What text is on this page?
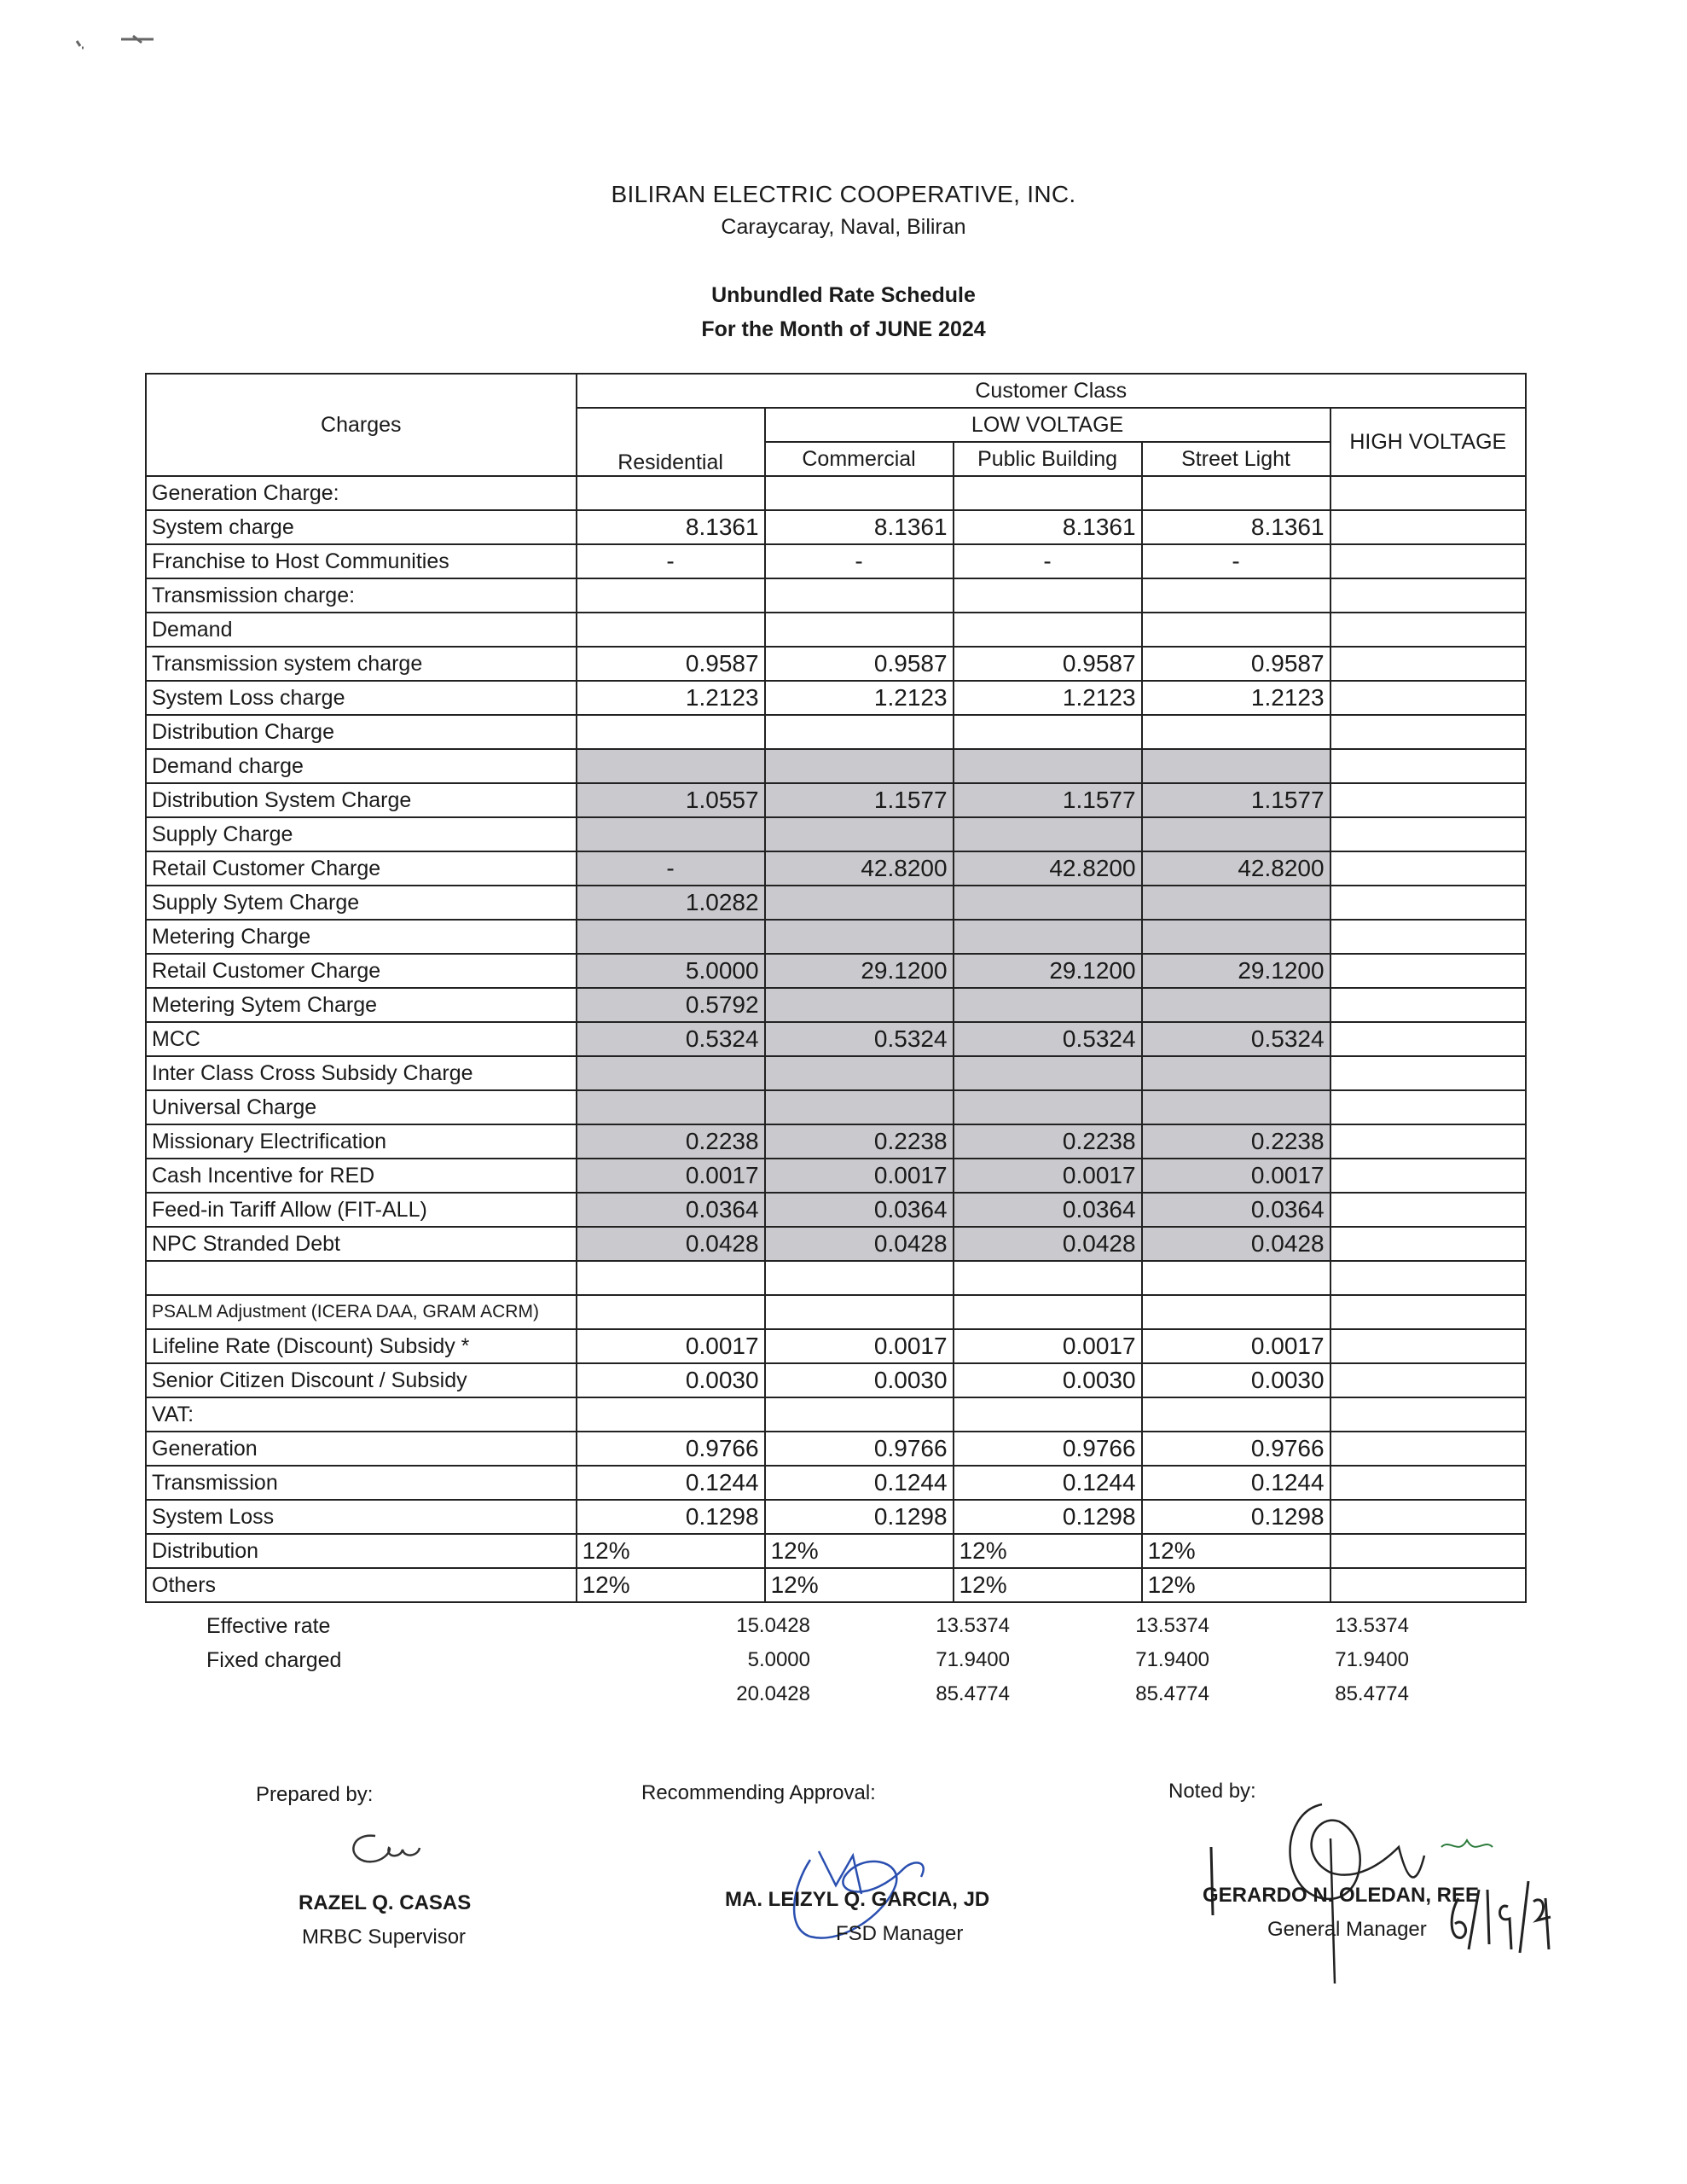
BILIRAN ELECTRIC COOPERATIVE, INC.
Caraycaray, Naval, Biliran
Unbundled Rate Schedule
For the Month of JUNE 2024
Charges	Customer Class				
	Residential	LOW VOLTAGE			HIGH VOLTAGE
		Commercial	Public Building	Street Light	
Generation Charge:					
System charge	8.1361	8.1361	8.1361	8.1361	
Franchise to Host Communities	-	-	-	-	
Transmission charge:					
Demand					
Transmission system charge	0.9587	0.9587	0.9587	0.9587	
System Loss charge	1.2123	1.2123	1.2123	1.2123	
Distribution Charge					
Demand charge					
Distribution System Charge	1.0557	1.1577	1.1577	1.1577	
Supply Charge					
Retail Customer Charge	-	42.8200	42.8200	42.8200	
Supply Sytem Charge	1.0282				
Metering Charge					
Retail Customer Charge	5.0000	29.1200	29.1200	29.1200	
Metering Sytem Charge	0.5792				
MCC	0.5324	0.5324	0.5324	0.5324	
Inter Class Cross Subsidy Charge					
Universal Charge					
Missionary Electrification	0.2238	0.2238	0.2238	0.2238	
Cash Incentive for RED	0.0017	0.0017	0.0017	0.0017	
Feed-in Tariff Allow (FIT-ALL)	0.0364	0.0364	0.0364	0.0364	
NPC Stranded Debt	0.0428	0.0428	0.0428	0.0428	

PSALM Adjustment (ICERA DAA, GRAM ACRM)					
Lifeline Rate (Discount) Subsidy *	0.0017	0.0017	0.0017	0.0017	
Senior Citizen Discount / Subsidy	0.0030	0.0030	0.0030	0.0030	
VAT:					
Generation	0.9766	0.9766	0.9766	0.9766	
Transmission	0.1244	0.1244	0.1244	0.1244	
System Loss	0.1298	0.1298	0.1298	0.1298	
Distribution	12%	12%	12%	12%	
Others	12%	12%	12%	12%	
Effective rate	15.0428	13.5374	13.5374	13.5374
Fixed charged	5.0000	71.9400	71.9400	71.9400
	20.0428	85.4774	85.4774	85.4774
Prepared by:
RAZEL Q. CASAS
MRBC Supervisor
Recommending Approval:
MA. LEIZYL Q. GARCIA, JD
FSD Manager
Noted by:
GERARDO N. OLEDAN, REE
General Manager
